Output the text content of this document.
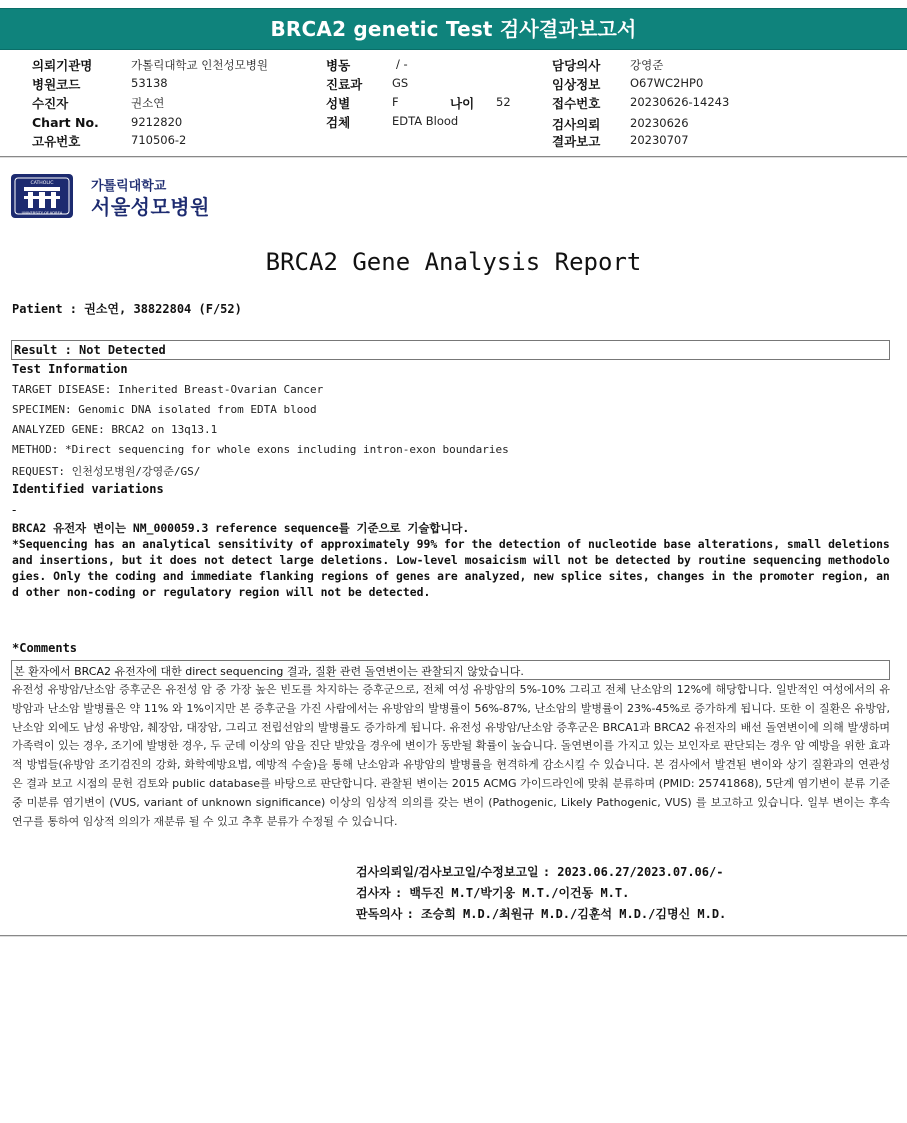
BRCA2 genetic Test 검사결과보고서
의뢰기관명	가톨릭대학교 인천성모병원
병원코드	53138
수진자	권소연
Chart No.	9212820
고유번호	710506-2
병동	/ -
진료과	GS
성별	F	나이 52
검체	EDTA Blood
담당의사	강영준
임상정보	O67WC2HP0
접수번호	20230626-14243
검사의뢰	20230626
결과보고	20230707
CATHOLIC
UNIVERSITY OF KOREA
가톨릭대학교
서울성모병원
BRCA2 Gene Analysis Report
Patient : 권소연, 38822804 (F/52)
Result : Not Detected
Test Information
TARGET DISEASE: Inherited Breast-Ovarian Cancer
SPECIMEN: Genomic DNA isolated from EDTA blood
ANALYZED GENE: BRCA2 on 13q13.1
METHOD: *Direct sequencing for whole exons including intron-exon boundaries
REQUEST: 인천성모병원/강영준/GS/
Identified variations
-

BRCA2 유전자 변이는 NM_000059.3 reference sequence를 기준으로 기술합니다.

*Sequencing has an analytical sensitivity of approximately 99% for the detection of nucleotide base alterations, small deletions and insertions, but it does not detect large deletions. Low-level mosaicism will not be detected by routine sequencing methodologies. Only the coding and immediate flanking regions of genes are analyzed, new splice sites, changes in the promoter region, and other non-coding or regulatory region will not be detected.

*Comments
본 환자에서 BRCA2 유전자에 대한 direct sequencing 결과, 질환 관련 돌연변이는 관찰되지 않았습니다.
유전성 유방암/난소암 증후군은 유전성 암 중 가장 높은 빈도를 차지하는 증후군으로, 전체 여성 유방암의 5%-10% 그리고 전체 난소암의 12%에 해당합니다. 일반적인 여성에서의 유방암과 난소암 발병률은 약 11% 와 1%이지만 본 증후군을 가진 사람에서는 유방암의 발병률이 56%-87%, 난소암의 발병률이 23%-45%로 증가하게 됩니다. 또한 이 질환은 유방암, 난소암 외에도 남성 유방암, 췌장암, 대장암, 그리고 전립선암의 발병률도 증가하게 됩니다. 유전성 유방암/난소암 증후군은 BRCA1과 BRCA2 유전자의 배선 돌연변이에 의해 발생하며 가족력이 있는 경우, 조기에 발병한 경우, 두 군데 이상의 암을 진단 받았을 경우에 변이가 동반될 확률이 높습니다. 돌연변이를 가지고 있는 보인자로 판단되는 경우 암 예방을 위한 효과적 방법들(유방암 조기검진의 강화, 화학예방요법, 예방적 수술)을 통해 난소암과 유방암의 발병률을 현격하게 감소시킬 수 있습니다. 본 검사에서 발견된 변이와 상기 질환과의 연관성은 결과 보고 시점의 문헌 검토와 public database를 바탕으로 판단합니다. 관찰된 변이는 2015 ACMG 가이드라인에 맞춰 분류하며 (PMID: 25741868), 5단계 염기변이 분류 기준 중 미분류 염기변이 (VUS, variant of unknown significance) 이상의 임상적 의의를 갖는 변이 (Pathogenic, Likely Pathogenic, VUS) 를 보고하고 있습니다. 일부 변이는 후속 연구를 통하여 임상적 의의가 재분류 될 수 있고 추후 분류가 수정될 수 있습니다.
검사의뢰일/검사보고일/수정보고일 : 2023.06.27/2023.07.06/-
검사자 : 백두진 M.T/박기웅 M.T./이건동 M.T.
판독의사 : 조승희 M.D./최원규 M.D./김훈석 M.D./김명신 M.D.
